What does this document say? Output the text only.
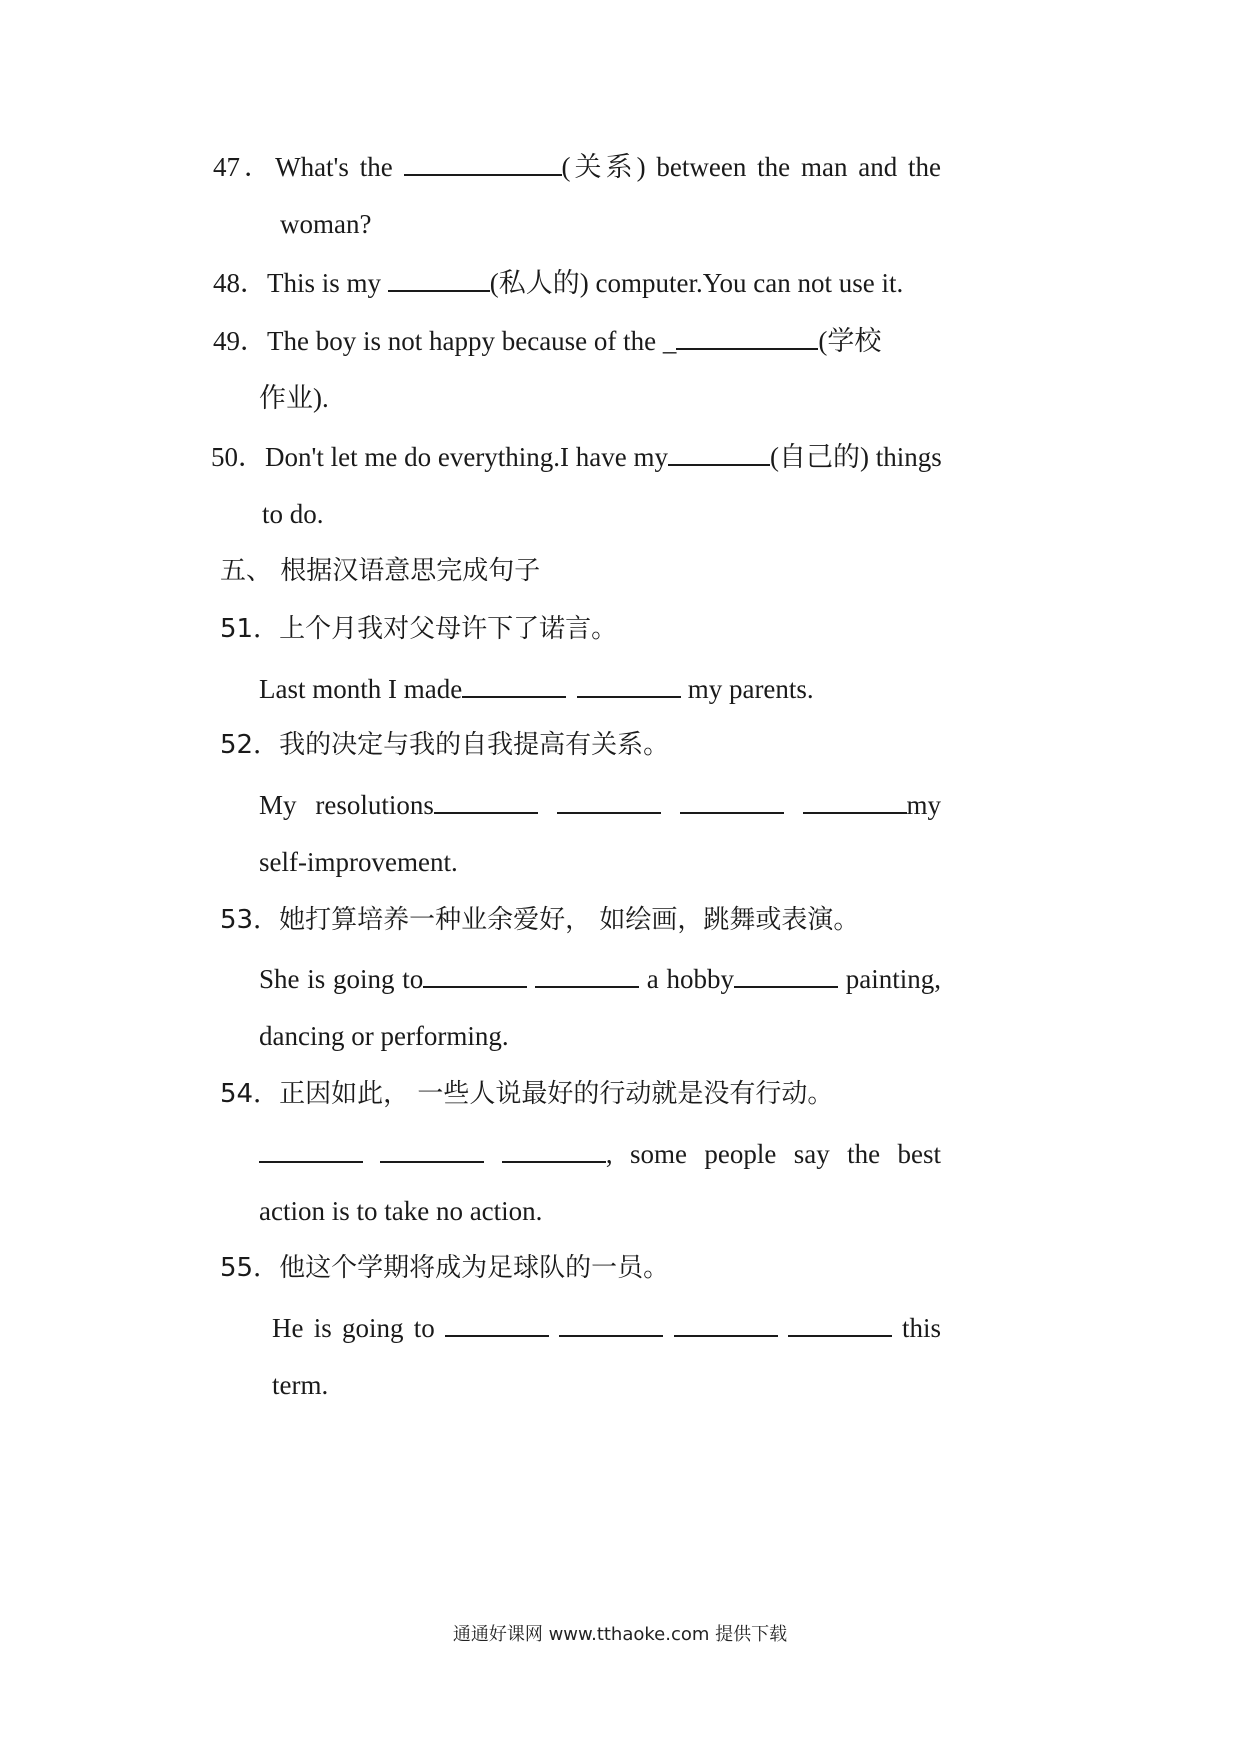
47．What's the	(关系) between the man and the
woman?
48．This is my	(私人的) computer.You can not use it.
49．The boy is not happy because of the _	(学校
作业).
50．Don't let me do everything.I have my	(自己的) things
to do.
五、 根据汉语意思完成句子
51．上个月我对父母许下了诺言。
Last month I made	my parents.
52．我的决定与我的自我提高有关系。
My resolutions	my
self-improvement.
53．她打算培养一种业余爱好， 如绘画，跳舞或表演。
She is going to	a hobby	painting,
dancing or performing.
54．正因如此， 一些人说最好的行动就是没有行动。
, some people say the best
action is to take no action.
55．他这个学期将成为足球队的一员。
He is going to	this
term.
通通好课网 www.tthaoke.com 提供下载
